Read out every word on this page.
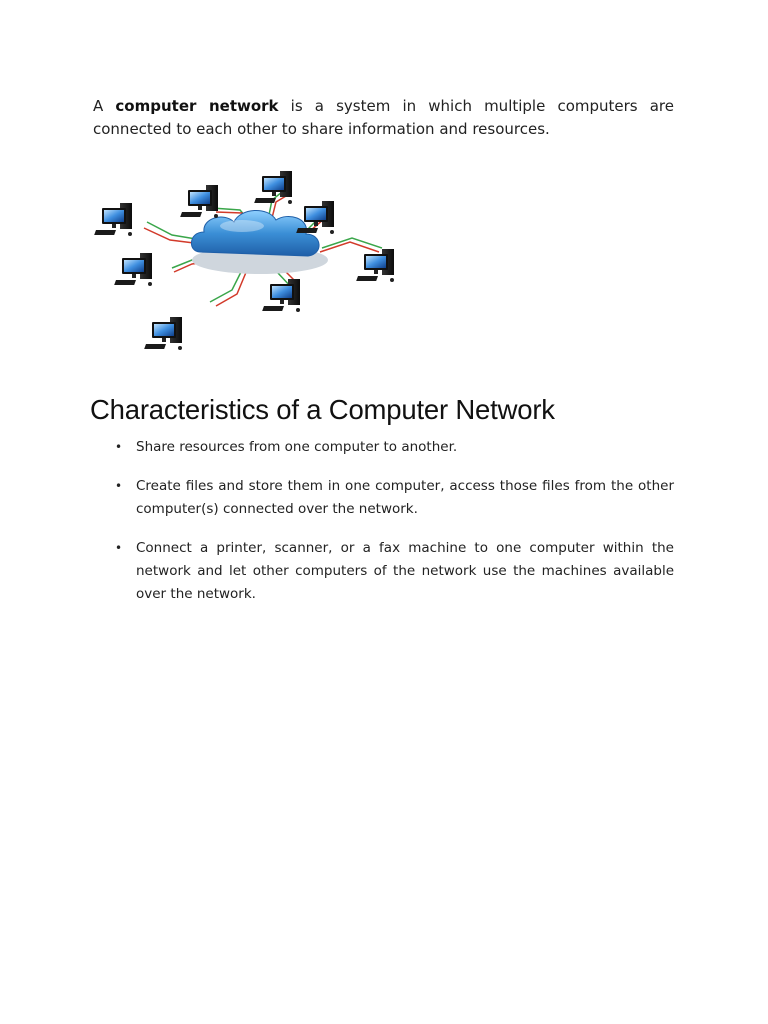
A computer network is a system in which multiple computers are connected to each other to share information and resources.

Characteristics of a Computer Network
• Share resources from one computer to another.
• Create files and store them in one computer, access those files from the other computer(s) connected over the network.
• Connect a printer, scanner, or a fax machine to one computer within the network and let other computers of the network use the machines available over the network.
